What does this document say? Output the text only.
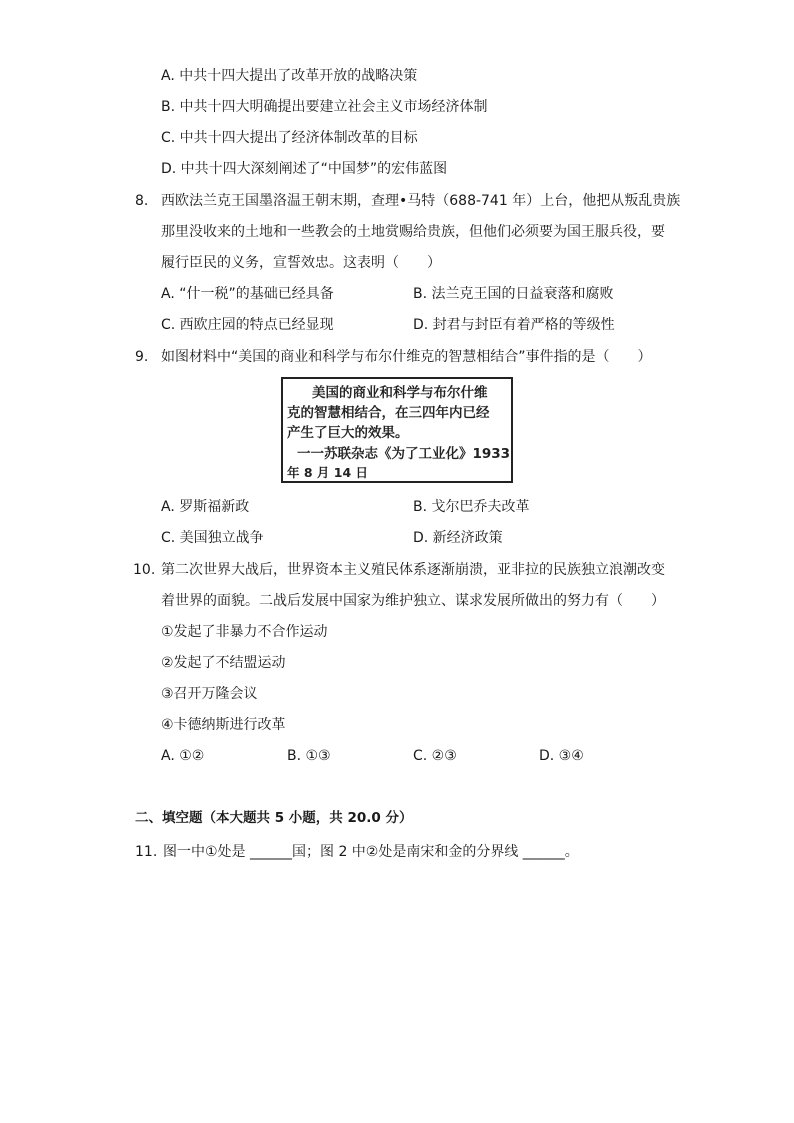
A. 中共十四大提出了改革开放的战略决策
B. 中共十四大明确提出要建立社会主义市场经济体制
C. 中共十四大提出了经济体制改革的目标
D. 中共十四大深刻阐述了“中国梦”的宏伟蓝图
8. 西欧法兰克王国墨洛温王朝末期，查理•马特（688-741 年）上台，他把从叛乱贵族
那里没收来的土地和一些教会的土地赏赐给贵族，但他们必须要为国王服兵役，要
履行臣民的义务，宣誓效忠。这表明（　　）
A. “什一税”的基础已经具备	B. 法兰克王国的日益衰落和腐败
C. 西欧庄园的特点已经显现	D. 封君与封臣有着严格的等级性
9. 如图材料中“美国的商业和科学与布尔什维克的智慧相结合”事件指的是（　　）
美国的商业和科学与布尔什维
克的智慧相结合，在三四年内已经
产生了巨大的效果。
一一苏联杂志《为了工业化》1933
年 8 月 14 日
A. 罗斯福新政	B. 戈尔巴乔夫改革
C. 美国独立战争	D. 新经济政策
10. 第二次世界大战后，世界资本主义殖民体系逐渐崩溃，亚非拉的民族独立浪潮改变
着世界的面貌。二战后发展中国家为维护独立、谋求发展所做出的努力有（　　）
①发起了非暴力不合作运动
②发起了不结盟运动
③召开万隆会议
④卡德纳斯进行改革
A. ①②	B. ①③	C. ②③	D. ③④
二、填空题（本大题共 5 小题，共 20.0 分）
11. 图一中①处是 ______国；图 2 中②处是南宋和金的分界线 ______。
